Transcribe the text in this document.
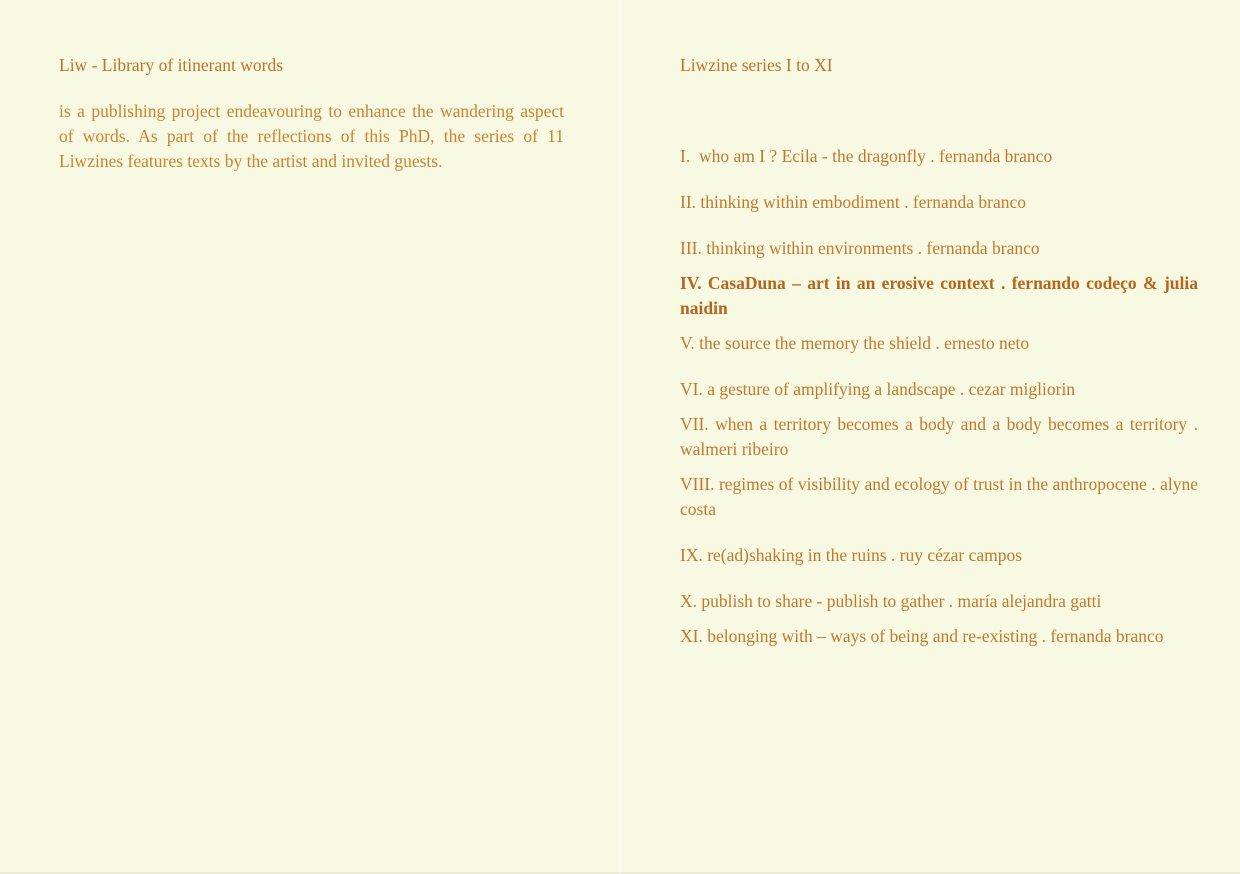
Liw - Library of itinerant words

is a publishing project endeavouring to enhance the wandering aspect of words. As part of the reflections of this PhD, the series of 11 Liwzines features texts by the artist and invited guests.

Liwzine series I to XI

I.  who am I ? Ecila - the dragonfly . fernanda branco

II. thinking within embodiment . fernanda branco

III. thinking within environments . fernanda branco

IV. CasaDuna – art in an erosive context . fernando codeço & julia naidin

V. the source the memory the shield . ernesto neto

VI. a gesture of amplifying a landscape . cezar migliorin

VII. when a territory becomes a body and a body becomes a territory . walmeri ribeiro

VIII. regimes of visibility and ecology of trust in the anthropocene . alyne costa

IX. re(ad)shaking in the ruins . ruy cézar campos

X. publish to share - publish to gather . maría alejandra gatti

XI. belonging with – ways of being and re-existing . fernanda branco
